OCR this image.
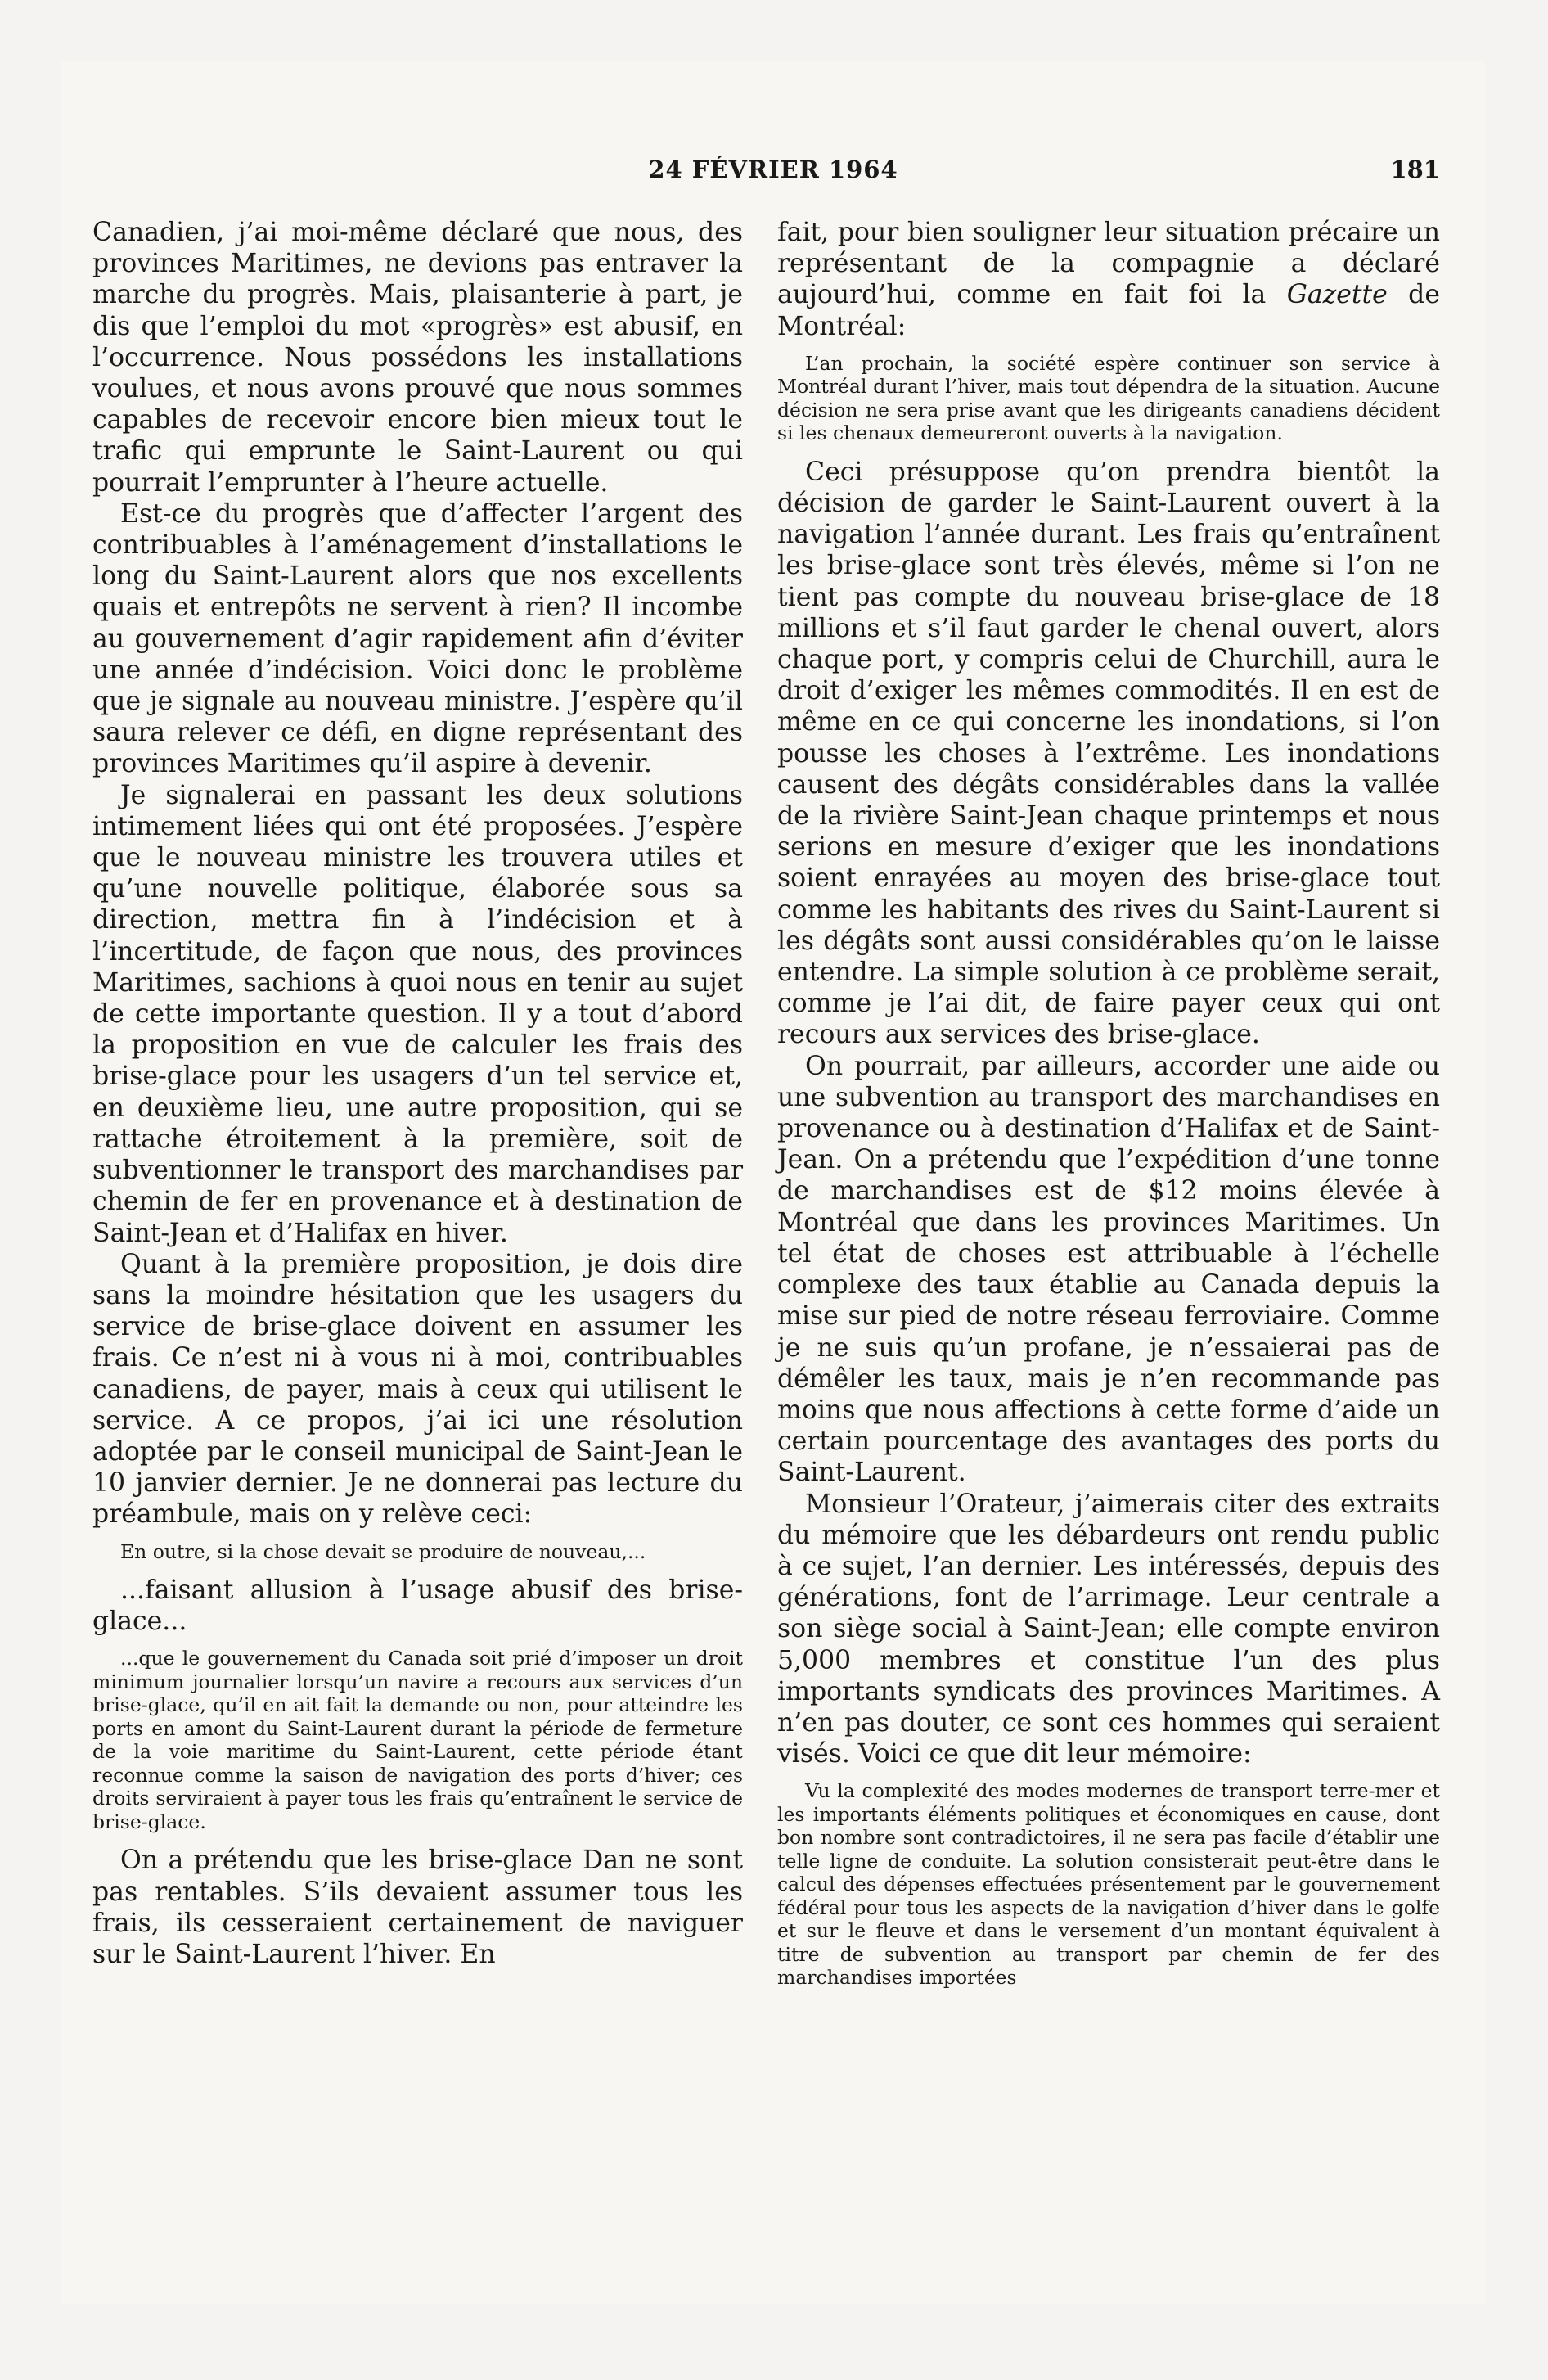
24 FÉVRIER 1964	181

Canadien, j’ai moi-même déclaré que nous, des provinces Maritimes, ne devions pas entraver la marche du progrès. Mais, plaisanterie à part, je dis que l’emploi du mot «progrès» est abusif, en l’occurrence. Nous possédons les installations voulues, et nous avons prouvé que nous sommes capables de recevoir encore bien mieux tout le trafic qui emprunte le Saint-Laurent ou qui pourrait l’emprunter à l’heure actuelle.

Est-ce du progrès que d’affecter l’argent des contribuables à l’aménagement d’installations le long du Saint-Laurent alors que nos excellents quais et entrepôts ne servent à rien? Il incombe au gouvernement d’agir rapidement afin d’éviter une année d’indécision. Voici donc le problème que je signale au nouveau ministre. J’espère qu’il saura relever ce défi, en digne représentant des provinces Maritimes qu’il aspire à devenir.

Je signalerai en passant les deux solutions intimement liées qui ont été proposées. J’espère que le nouveau ministre les trouvera utiles et qu’une nouvelle politique, élaborée sous sa direction, mettra fin à l’indécision et à l’incertitude, de façon que nous, des provinces Maritimes, sachions à quoi nous en tenir au sujet de cette importante question. Il y a tout d’abord la proposition en vue de calculer les frais des brise-glace pour les usagers d’un tel service et, en deuxième lieu, une autre proposition, qui se rattache étroitement à la première, soit de subventionner le transport des marchandises par chemin de fer en provenance et à destination de Saint-Jean et d’Halifax en hiver.

Quant à la première proposition, je dois dire sans la moindre hésitation que les usagers du service de brise-glace doivent en assumer les frais. Ce n’est ni à vous ni à moi, contribuables canadiens, de payer, mais à ceux qui utilisent le service. A ce propos, j’ai ici une résolution adoptée par le conseil municipal de Saint-Jean le 10 janvier dernier. Je ne donnerai pas lecture du préambule, mais on y relève ceci:

En outre, si la chose devait se produire de nouveau,...

...faisant allusion à l’usage abusif des brise-glace...

...que le gouvernement du Canada soit prié d’imposer un droit minimum journalier lorsqu’un navire a recours aux services d’un brise-glace, qu’il en ait fait la demande ou non, pour atteindre les ports en amont du Saint-Laurent durant la période de fermeture de la voie maritime du Saint-Laurent, cette période étant reconnue comme la saison de navigation des ports d’hiver; ces droits serviraient à payer tous les frais qu’entraînent le service de brise-glace.

On a prétendu que les brise-glace Dan ne sont pas rentables. S’ils devaient assumer tous les frais, ils cesseraient certainement de naviguer sur le Saint-Laurent l’hiver. En

fait, pour bien souligner leur situation précaire un représentant de la compagnie a déclaré aujourd’hui, comme en fait foi la Gazette de Montréal:

L’an prochain, la société espère continuer son service à Montréal durant l’hiver, mais tout dépendra de la situation. Aucune décision ne sera prise avant que les dirigeants canadiens décident si les chenaux demeureront ouverts à la navigation.

Ceci présuppose qu’on prendra bientôt la décision de garder le Saint-Laurent ouvert à la navigation l’année durant. Les frais qu’entraînent les brise-glace sont très élevés, même si l’on ne tient pas compte du nouveau brise-glace de 18 millions et s’il faut garder le chenal ouvert, alors chaque port, y compris celui de Churchill, aura le droit d’exiger les mêmes commodités. Il en est de même en ce qui concerne les inondations, si l’on pousse les choses à l’extrême. Les inondations causent des dégâts considérables dans la vallée de la rivière Saint-Jean chaque printemps et nous serions en mesure d’exiger que les inondations soient enrayées au moyen des brise-glace tout comme les habitants des rives du Saint-Laurent si les dégâts sont aussi considérables qu’on le laisse entendre. La simple solution à ce problème serait, comme je l’ai dit, de faire payer ceux qui ont recours aux services des brise-glace.

On pourrait, par ailleurs, accorder une aide ou une subvention au transport des marchandises en provenance ou à destination d’Halifax et de Saint-Jean. On a prétendu que l’expédition d’une tonne de marchandises est de $12 moins élevée à Montréal que dans les provinces Maritimes. Un tel état de choses est attribuable à l’échelle complexe des taux établie au Canada depuis la mise sur pied de notre réseau ferroviaire. Comme je ne suis qu’un profane, je n’essaierai pas de démêler les taux, mais je n’en recommande pas moins que nous affections à cette forme d’aide un certain pourcentage des avantages des ports du Saint-Laurent.

Monsieur l’Orateur, j’aimerais citer des extraits du mémoire que les débardeurs ont rendu public à ce sujet, l’an dernier. Les intéressés, depuis des générations, font de l’arrimage. Leur centrale a son siège social à Saint-Jean; elle compte environ 5,000 membres et constitue l’un des plus importants syndicats des provinces Maritimes. A n’en pas douter, ce sont ces hommes qui seraient visés. Voici ce que dit leur mémoire:

Vu la complexité des modes modernes de transport terre-mer et les importants éléments politiques et économiques en cause, dont bon nombre sont contradictoires, il ne sera pas facile d’établir une telle ligne de conduite. La solution consisterait peut-être dans le calcul des dépenses effectuées présentement par le gouvernement fédéral pour tous les aspects de la navigation d’hiver dans le golfe et sur le fleuve et dans le versement d’un montant équivalent à titre de subvention au transport par chemin de fer des marchandises importées
